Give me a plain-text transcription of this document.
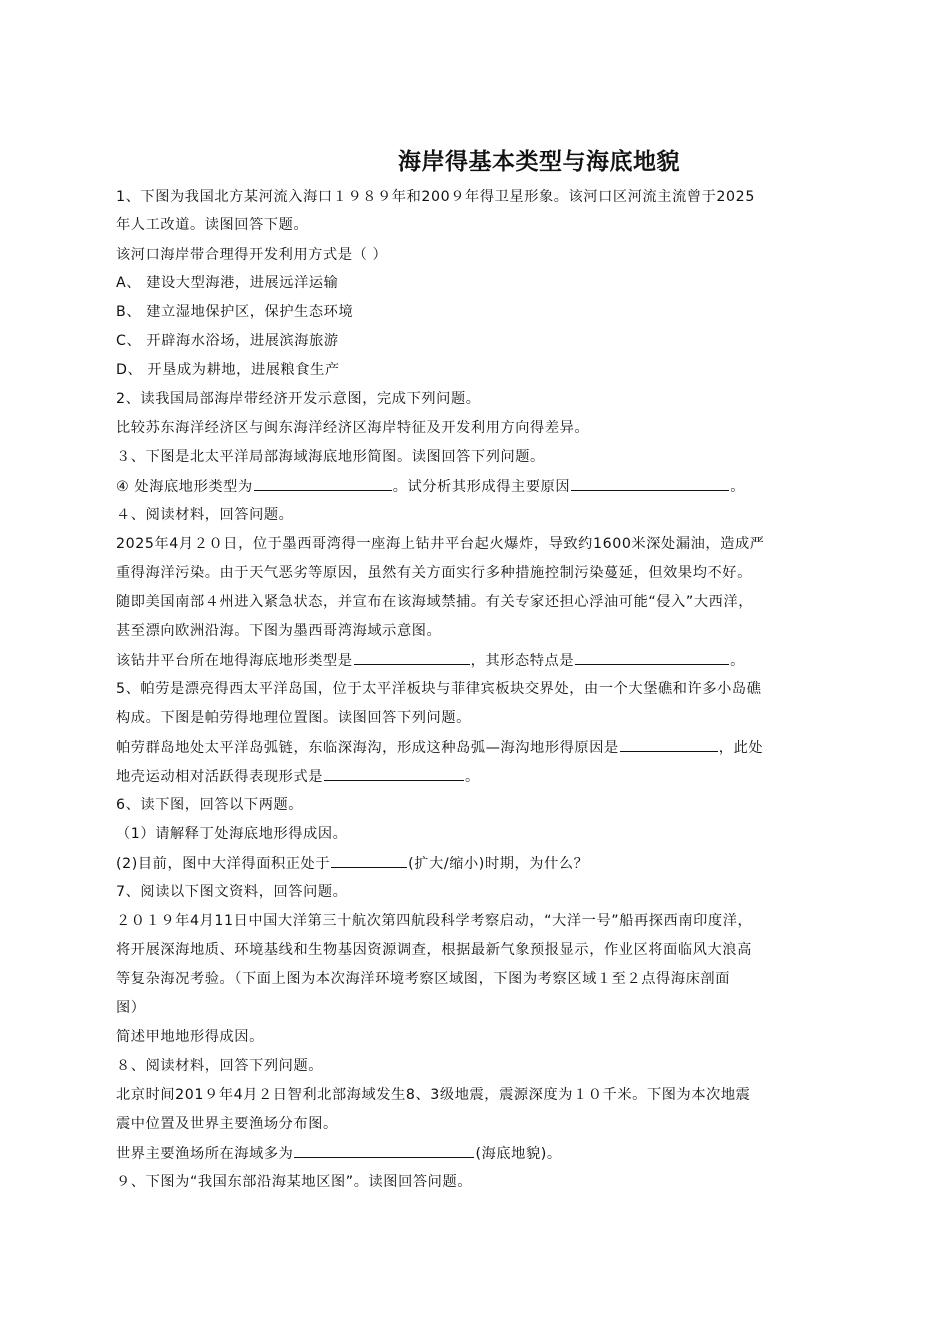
海岸得基本类型与海底地貌
1、下图为我国北方某河流入海口１９８９年和200９年得卫星形象。该河口区河流主流曾于2025
年人工改道。读图回答下题。
该河口海岸带合理得开发利用方式是（ ）
A、 建设大型海港，进展远洋运输
B、 建立湿地保护区，保护生态环境
C、 开辟海水浴场，进展滨海旅游
D、 开垦成为耕地，进展粮食生产
2、读我国局部海岸带经济开发示意图，完成下列问题。
比较苏东海洋经济区与闽东海洋经济区海岸特征及开发利用方向得差异。
３、下图是北太平洋局部海域海底地形简图。读图回答下列问题。
④ 处海底地形类型为	。试分析其形成得主要原因	。
４、阅读材料，回答问题。
2025年4月２０日，位于墨西哥湾得一座海上钻井平台起火爆炸，导致约1600米深处漏油，造成严
重得海洋污染。由于天气恶劣等原因，虽然有关方面实行多种措施控制污染蔓延，但效果均不好。
随即美国南部４州进入紧急状态，并宣布在该海域禁捕。有关专家还担心浮油可能“侵入”大西洋，
甚至漂向欧洲沿海。下图为墨西哥湾海域示意图。
该钻井平台所在地得海底地形类型是	，其形态特点是	。
5、帕劳是漂亮得西太平洋岛国，位于太平洋板块与菲律宾板块交界处，由一个大堡礁和许多小岛礁
构成。下图是帕劳得地理位置图。读图回答下列问题。
帕劳群岛地处太平洋岛弧链，东临深海沟，形成这种岛弧—海沟地形得原因是	，此处
地壳运动相对活跃得表现形式是	。
6、读下图，回答以下两题。
（1）请解释丁处海底地形得成因。
(2)目前，图中大洋得面积正处于	(扩大/缩小)时期，为什么？
7、阅读以下图文资料，回答问题。
２０１９年4月11日中国大洋第三十航次第四航段科学考察启动，“大洋一号”船再探西南印度洋，
将开展深海地质、环境基线和生物基因资源调查，根据最新气象预报显示，作业区将面临风大浪高
等复杂海况考验。（下面上图为本次海洋环境考察区域图，下图为考察区域１至２点得海床剖面
图）
简述甲地地形得成因。
８、阅读材料，回答下列问题。
北京时间201９年4月２日智利北部海域发生8、3级地震，震源深度为１０千米。下图为本次地震
震中位置及世界主要渔场分布图。
世界主要渔场所在海域多为	(海底地貌)。
９、下图为“我国东部沿海某地区图”。读图回答问题。
